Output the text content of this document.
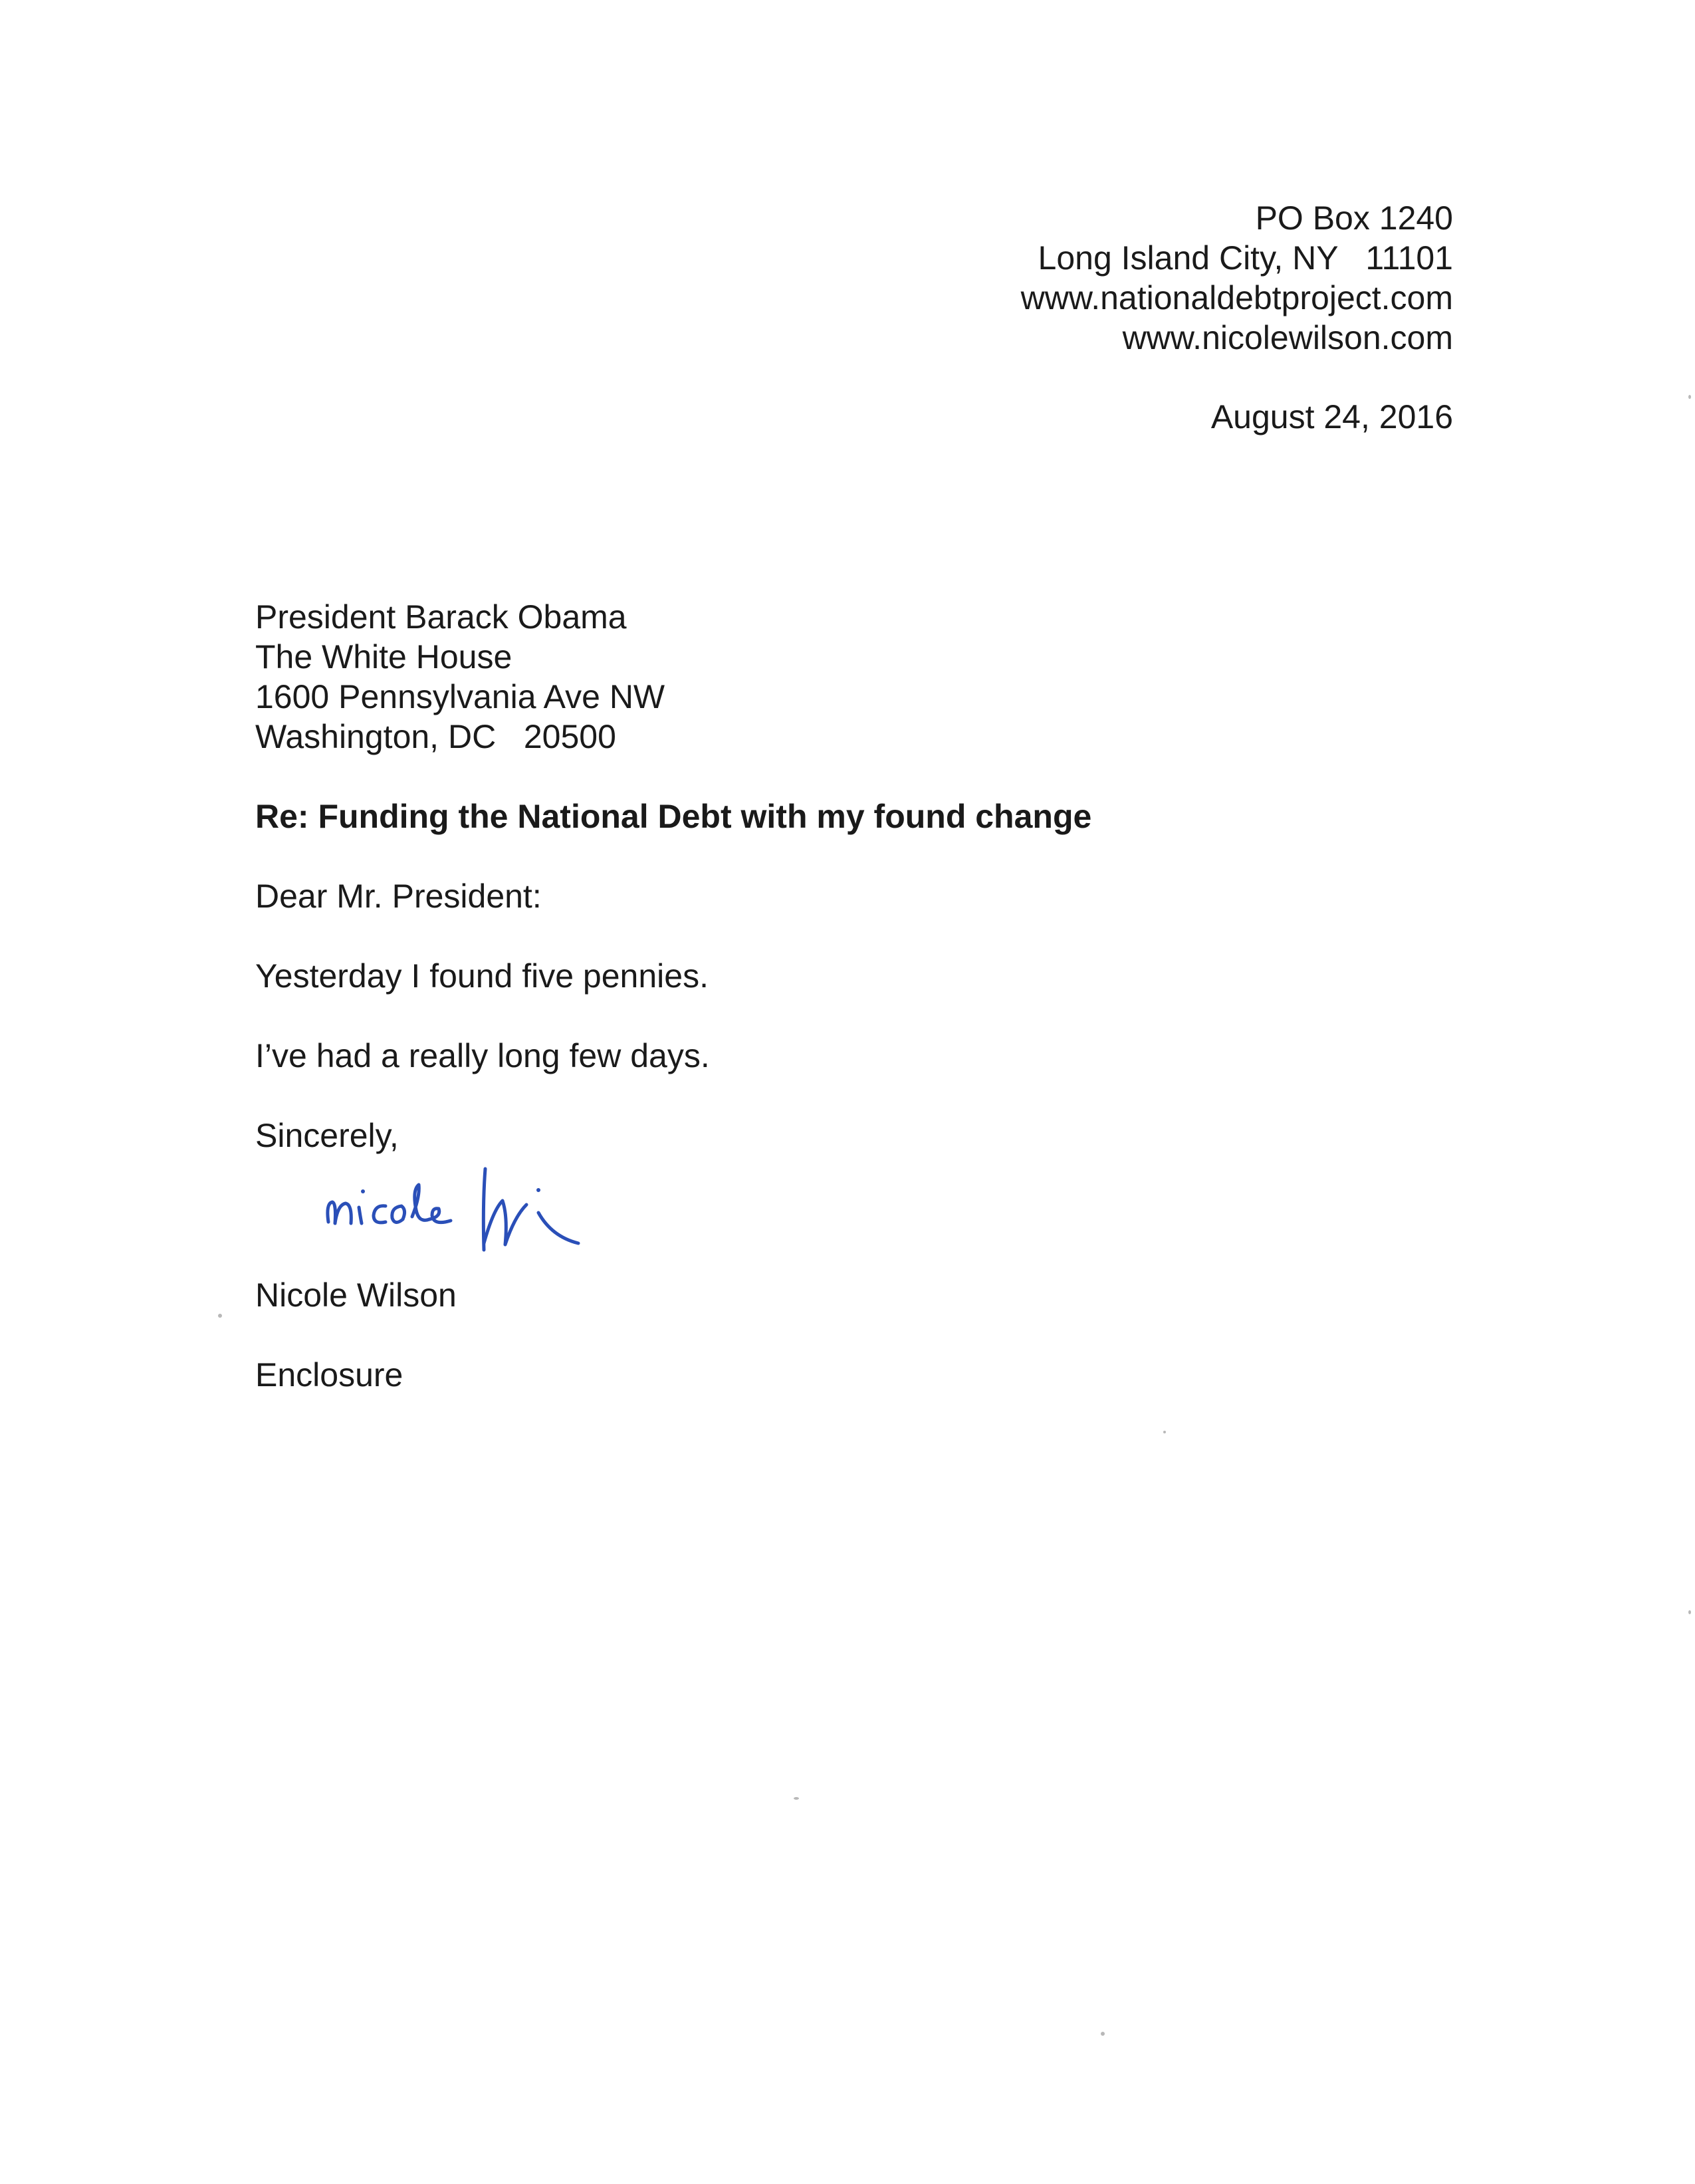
PO Box 1240
Long Island City, NY   11101
www.nationaldebtproject.com
www.nicolewilson.com
August 24, 2016
President Barack Obama
The White House
1600 Pennsylvania Ave NW
Washington, DC   20500
Re: Funding the National Debt with my found change
Dear Mr. President:
Yesterday I found five pennies.
I’ve had a really long few days.
Sincerely,
Nicole Wilson
Enclosure
